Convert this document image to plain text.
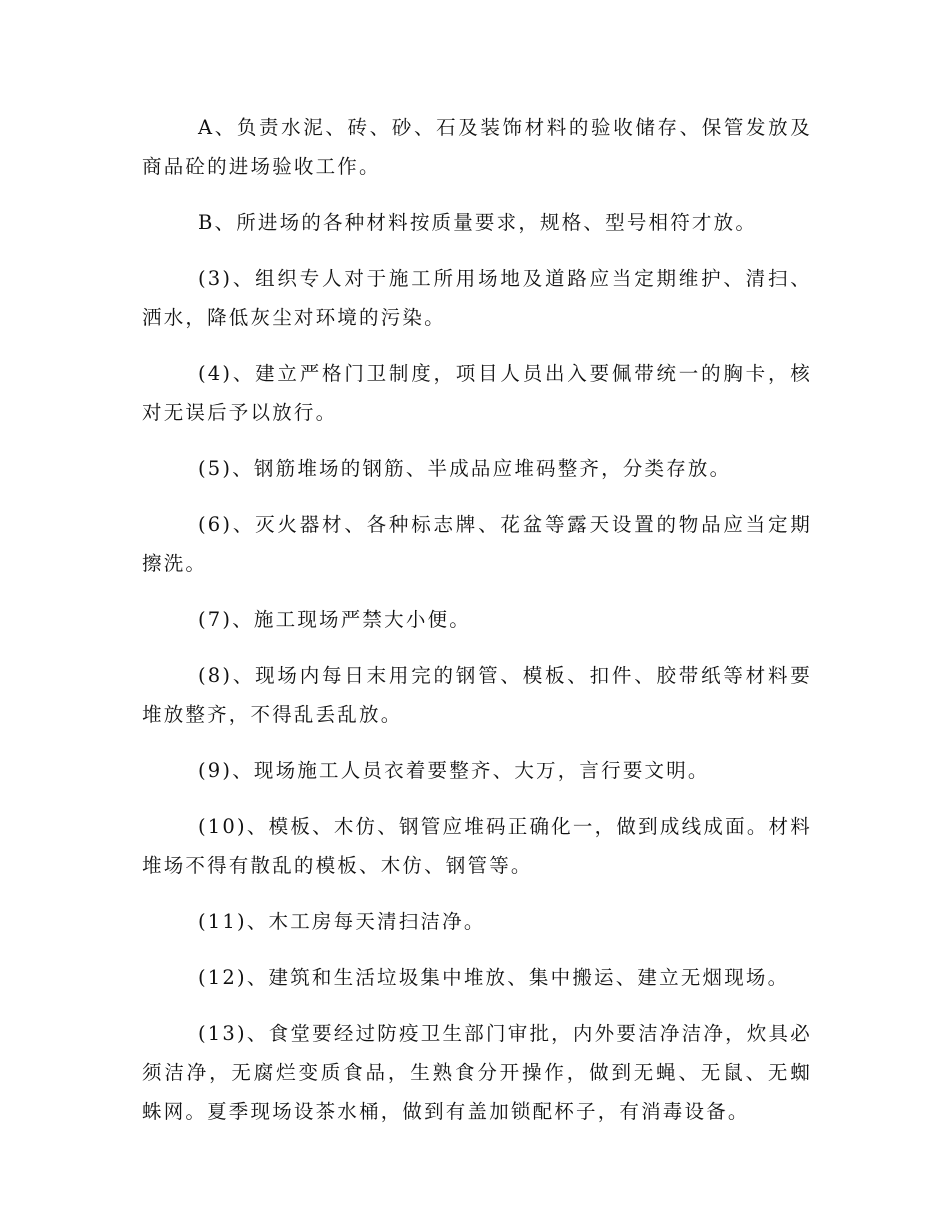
A、负责水泥、砖、砂、石及装饰材料的验收储存、保管发放及商品砼的进场验收工作。

B、所进场的各种材料按质量要求，规格、型号相符才放。

(3)、组织专人对于施工所用场地及道路应当定期维护、清扫、洒水，降低灰尘对环境的污染。

(4)、建立严格门卫制度，项目人员出入要佩带统一的胸卡，核对无误后予以放行。

(5)、钢筋堆场的钢筋、半成品应堆码整齐，分类存放。

(6)、灭火器材、各种标志牌、花盆等露天设置的物品应当定期擦洗。

(7)、施工现场严禁大小便。

(8)、现场内每日末用完的钢管、模板、扣件、胶带纸等材料要堆放整齐，不得乱丢乱放。

(9)、现场施工人员衣着要整齐、大万，言行要文明。

(10)、模板、木仿、钢管应堆码正确化一，做到成线成面。材料堆场不得有散乱的模板、木仿、钢管等。

(11)、木工房每天清扫洁净。

(12)、建筑和生活垃圾集中堆放、集中搬运、建立无烟现场。

(13)、食堂要经过防疫卫生部门审批，内外要洁净洁净，炊具必须洁净，无腐烂变质食品，生熟食分开操作，做到无蝇、无鼠、无蜘蛛网。夏季现场设茶水桶，做到有盖加锁配杯子，有消毒设备。
